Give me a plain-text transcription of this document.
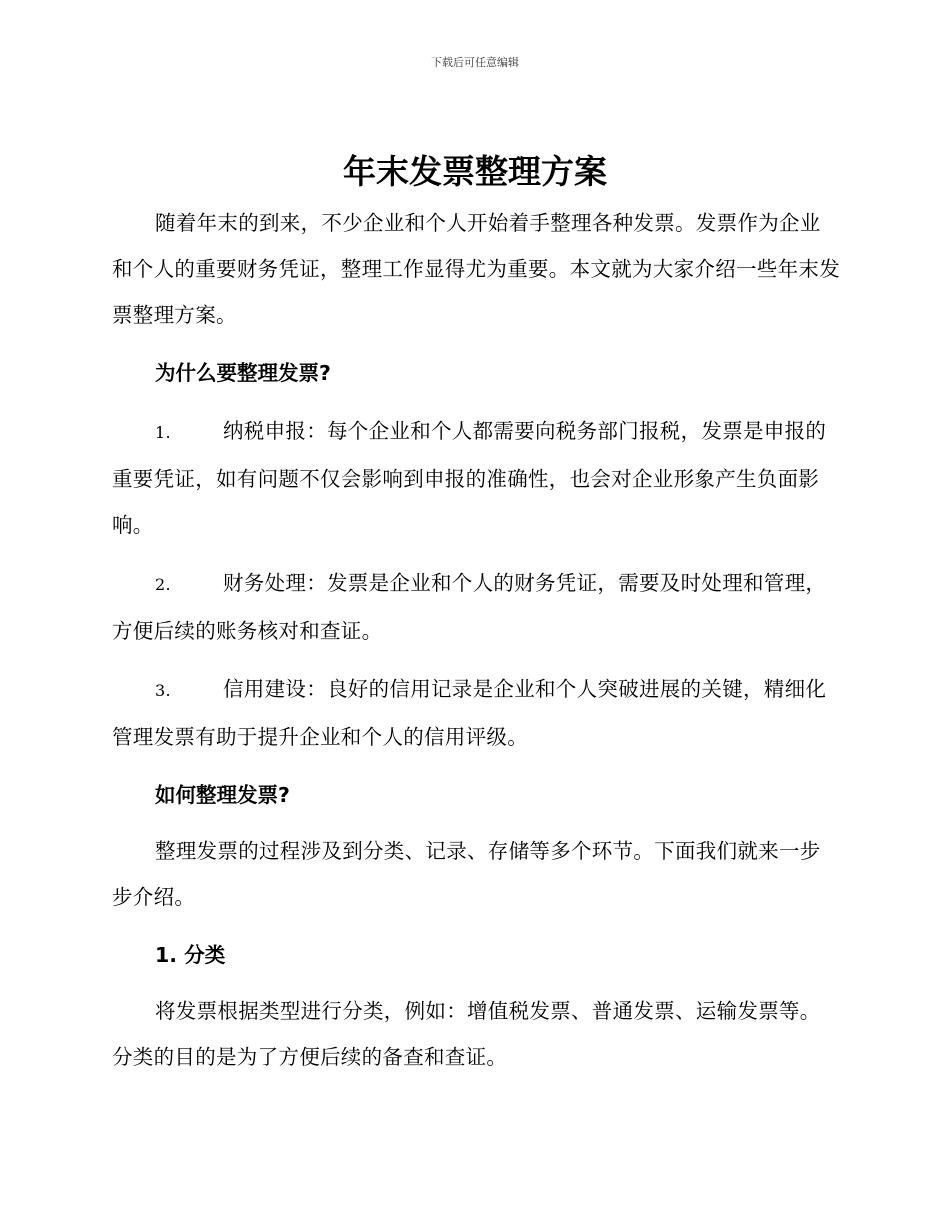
下载后可任意编辑
年末发票整理方案

随着年末的到来，不少企业和个人开始着手整理各种发票。发票作为企业和个人的重要财务凭证，整理工作显得尤为重要。本文就为大家介绍一些年末发票整理方案。

为什么要整理发票?

1.	纳税申报：每个企业和个人都需要向税务部门报税，发票是申报的重要凭证，如有问题不仅会影响到申报的准确性，也会对企业形象产生负面影响。

2.	财务处理：发票是企业和个人的财务凭证，需要及时处理和管理，方便后续的账务核对和查证。

3.	信用建设：良好的信用记录是企业和个人突破进展的关键，精细化管理发票有助于提升企业和个人的信用评级。

如何整理发票?

整理发票的过程涉及到分类、记录、存储等多个环节。下面我们就来一步步介绍。

1. 分类

将发票根据类型进行分类，例如：增值税发票、普通发票、运输发票等。分类的目的是为了方便后续的备查和查证。
